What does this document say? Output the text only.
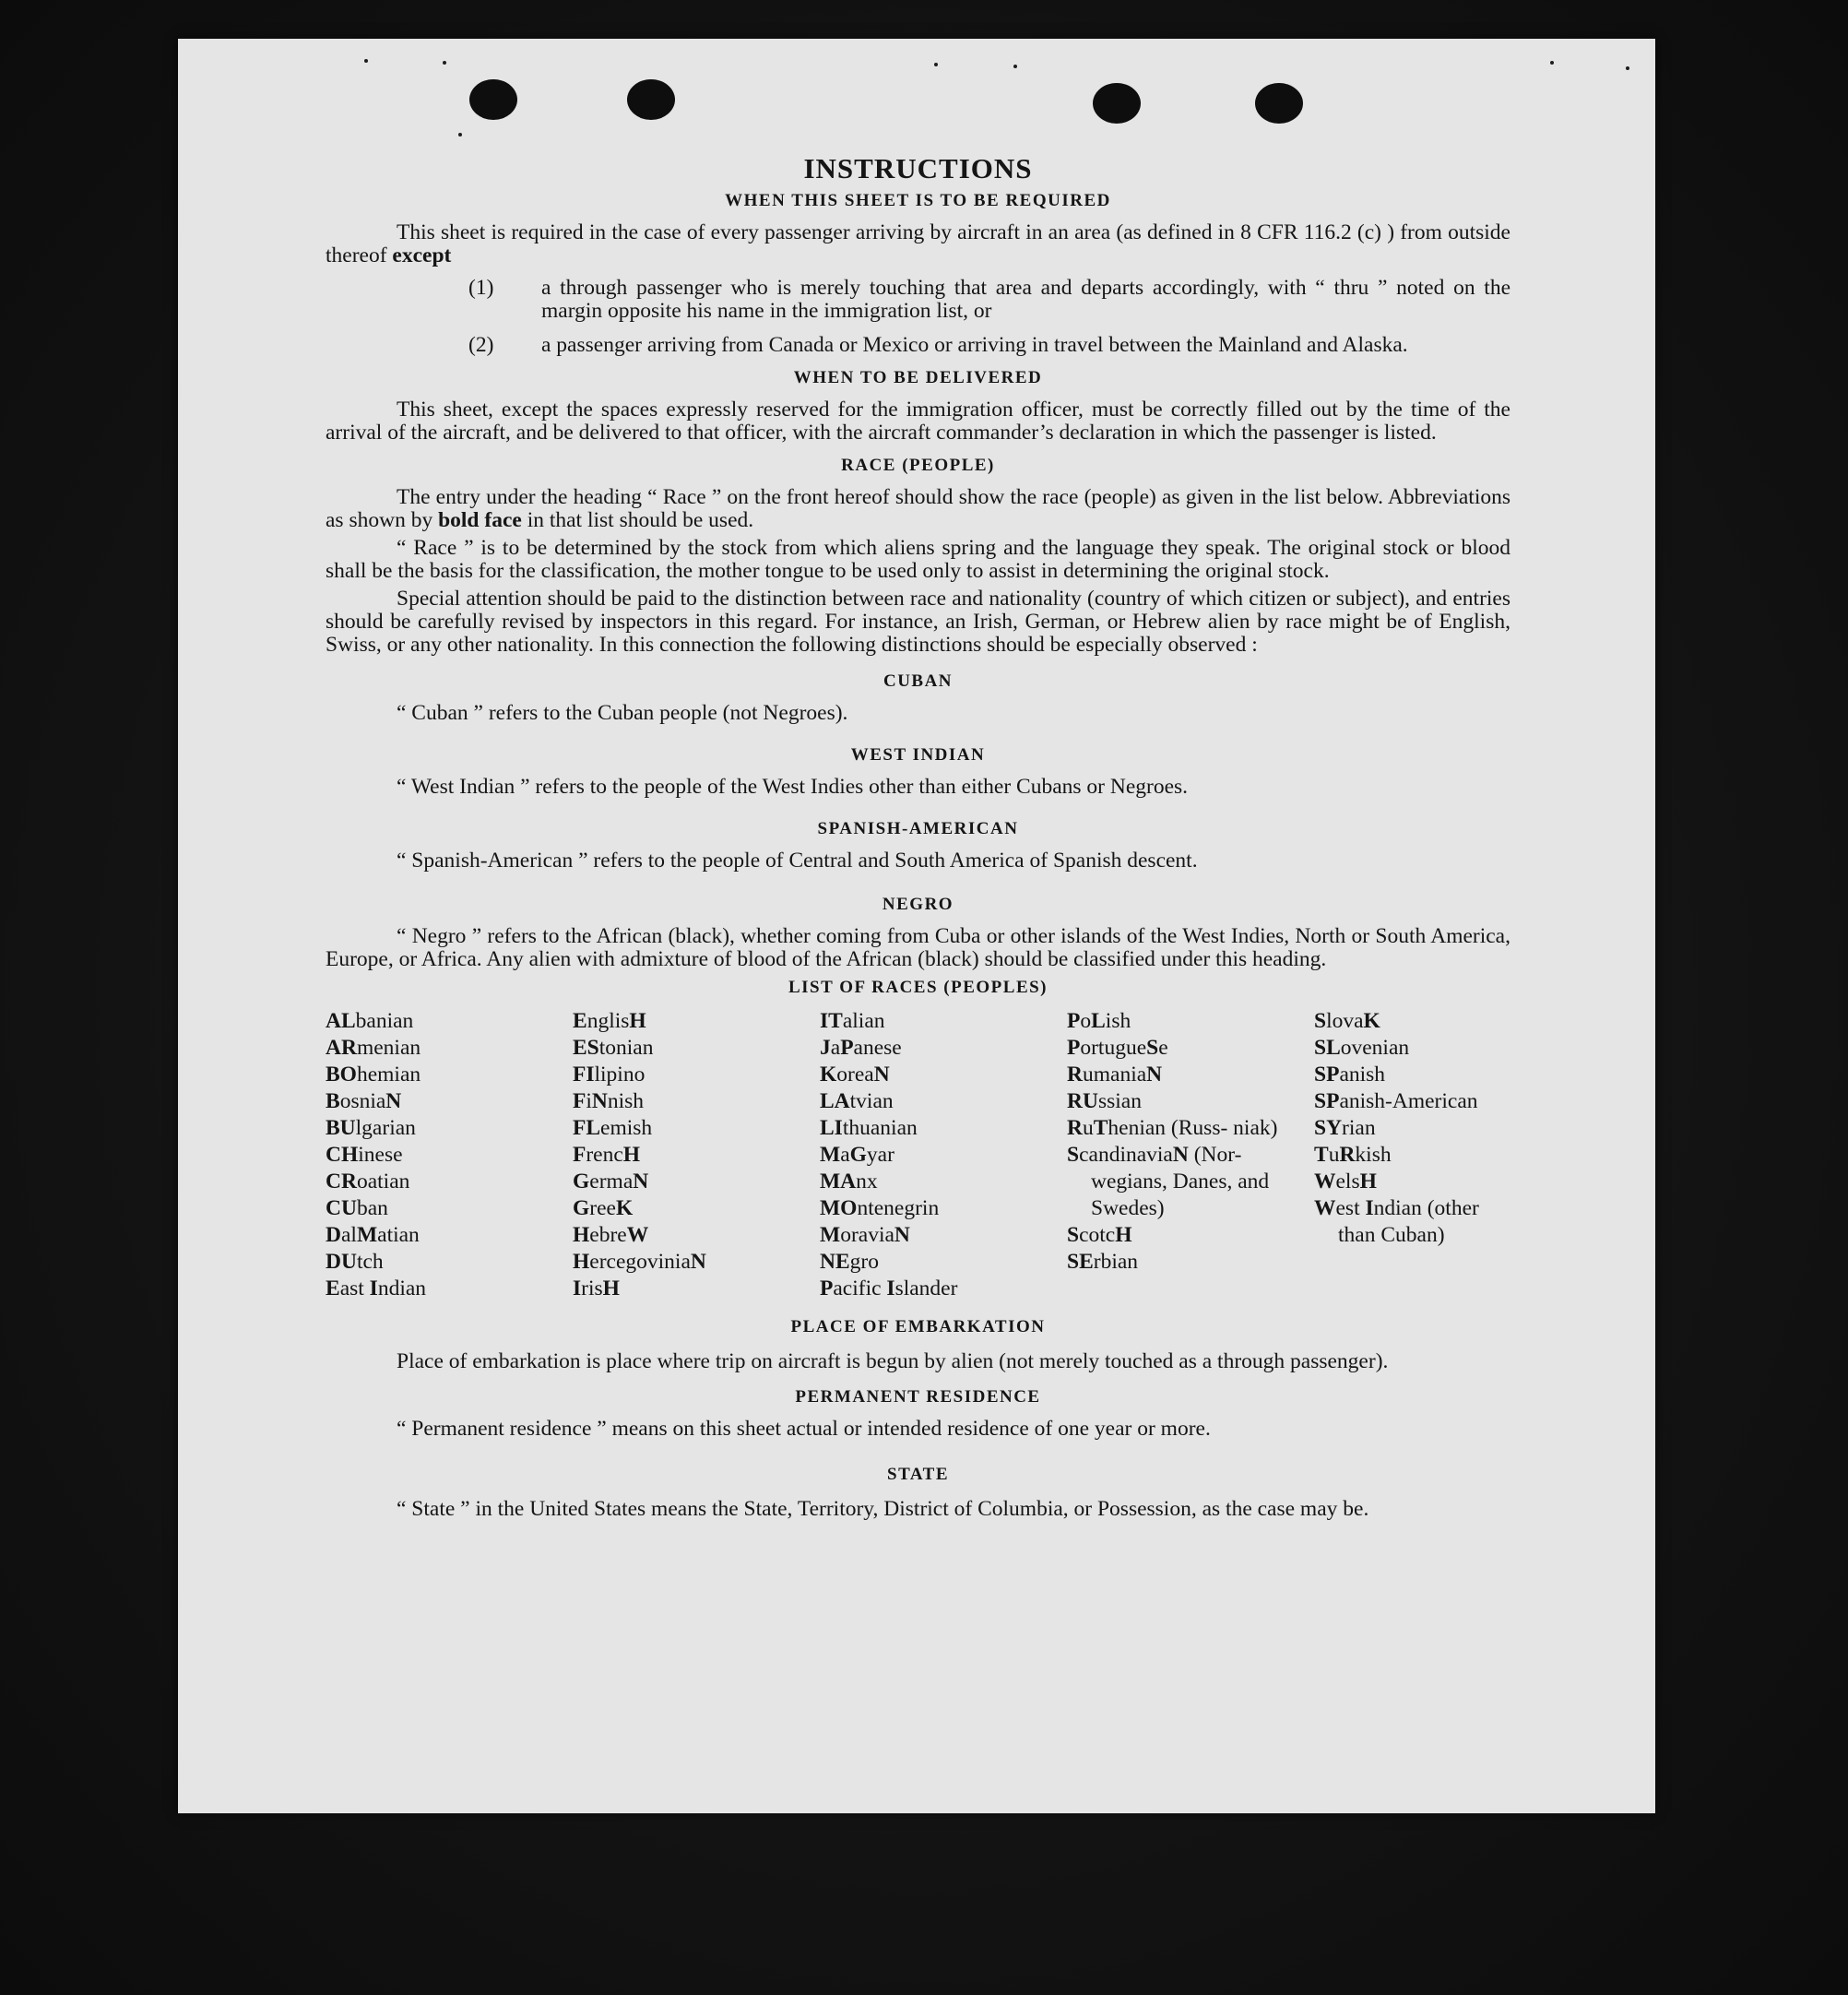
INSTRUCTIONS
WHEN THIS SHEET IS TO BE REQUIRED

This sheet is required in the case of every passenger arriving by aircraft in an area (as defined in 8 CFR 116.2 (c) ) from outside thereof except

(1) a through passenger who is merely touching that area and departs accordingly, with “ thru ” noted on the margin opposite his name in the immigration list, or

(2) a passenger arriving from Canada or Mexico or arriving in travel between the Mainland and Alaska.

WHEN TO BE DELIVERED

This sheet, except the spaces expressly reserved for the immigration officer, must be correctly filled out by the time of the arrival of the aircraft, and be delivered to that officer, with the aircraft commander’s declaration in which the passenger is listed.

RACE (PEOPLE)

The entry under the heading “ Race ” on the front hereof should show the race (people) as given in the list below. Abbreviations as shown by bold face in that list should be used.

“ Race ” is to be determined by the stock from which aliens spring and the language they speak. The original stock or blood shall be the basis for the classification, the mother tongue to be used only to assist in determining the original stock.

Special attention should be paid to the distinction between race and nationality (country of which citizen or subject), and entries should be carefully revised by inspectors in this regard. For instance, an Irish, German, or Hebrew alien by race might be of English, Swiss, or any other nationality. In this connection the following distinctions should be especially observed :

CUBAN

“ Cuban ” refers to the Cuban people (not Negroes).

WEST INDIAN

“ West Indian ” refers to the people of the West Indies other than either Cubans or Negroes.

SPANISH-AMERICAN

“ Spanish-American ” refers to the people of Central and South America of Spanish descent.

NEGRO

“ Negro ” refers to the African (black), whether coming from Cuba or other islands of the West Indies, North or South America, Europe, or Africa. Any alien with admixture of blood of the African (black) should be classified under this heading.

LIST OF RACES (PEOPLES)
ALbanian
ARmenian
BOhemian
BosniaN
BUlgarian
CHinese
CRoatian
CUban
DalMatian
DUtch
East Indian
EnglisH
EStonian
FIlipino
FiNnish
FLemish
FrencH
GermaN
GreeK
HebreW
HercegoviniaN
IrisH
ITalian
JaPanese
KoreaN
LAtvian
LIthuanian
MaGyar
MAnx
MOntenegrin
MoraviaN
NEgro
Pacific Islander
PoLish
PortugueSe
RumaniaN
RUssian
RuThenian (Russ- niak)
ScandinaviaN (Nor- wegians, Danes, and Swedes)
ScotcH
SErbian
SlovaK
SLovenian
SPanish
SPanish-American
SYrian
TuRkish
WelsH
West Indian (other than Cuban)
PLACE OF EMBARKATION

Place of embarkation is place where trip on aircraft is begun by alien (not merely touched as a through passenger).

PERMANENT RESIDENCE

“ Permanent residence ” means on this sheet actual or intended residence of one year or more.

STATE

“ State ” in the United States means the State, Territory, District of Columbia, or Possession, as the case may be.
